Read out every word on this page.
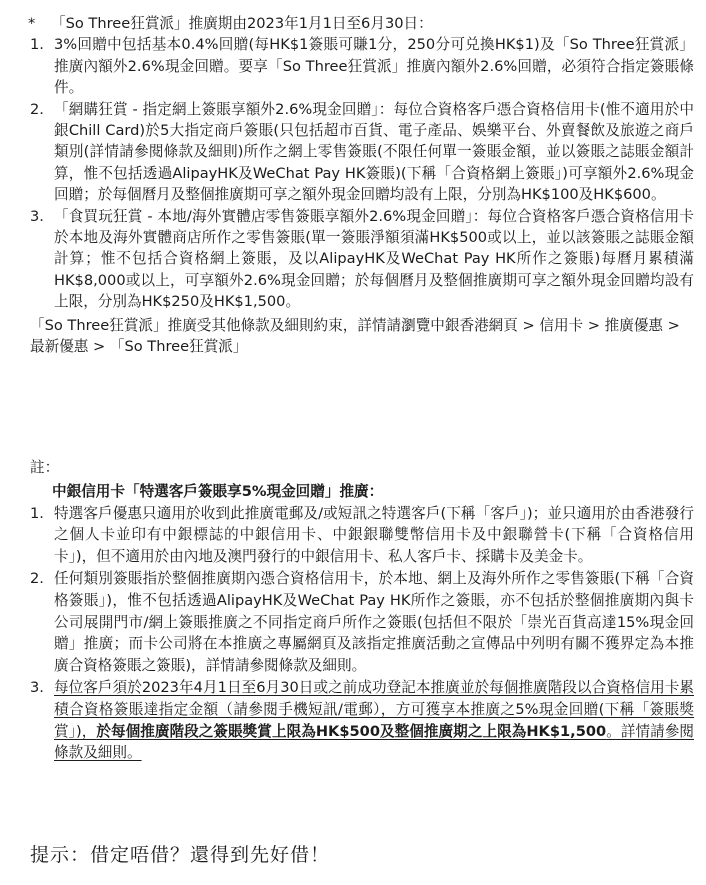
*	「So Three狂賞派」推廣期由2023年1月1日至6月30日：
1. 3%回贈中包括基本0.4%回贈(每HK$1簽賬可賺1分，250分可兑換HK$1)及「So Three狂賞派」推廣內額外2.6%現金回贈。要享「So Three狂賞派」推廣內額外2.6%回贈，必須符合指定簽賬條件。
2. 「網購狂賞 - 指定網上簽賬享額外2.6%現金回贈」：每位合資格客戶憑合資格信用卡(惟不適用於中銀Chill Card)於5大指定商戶簽賬(只包括超市百貨、電子產品、娛樂平台、外賣餐飲及旅遊之商戶類別(詳情請參閱條款及細則)所作之網上零售簽賬(不限任何單一簽賬金額，並以簽賬之誌賬金額計算，惟不包括透過AlipayHK及WeChat Pay HK簽賬)(下稱「合資格網上簽賬」)可享額外2.6%現金回贈；於每個曆月及整個推廣期可享之額外現金回贈均設有上限，分別為HK$100及HK$600。
3. 「食買玩狂賞 - 本地/海外實體店零售簽賬享額外2.6%現金回贈」：每位合資格客戶憑合資格信用卡於本地及海外實體商店所作之零售簽賬(單一簽賬淨額須滿HK$500或以上，並以該簽賬之誌賬金額計算；惟不包括合資格網上簽賬，及以AlipayHK及WeChat Pay HK所作之簽賬)每曆月累積滿HK$8,000或以上，可享額外2.6%現金回贈；於每個曆月及整個推廣期可享之額外現金回贈均設有上限，分別為HK$250及HK$1,500。
「So Three狂賞派」推廣受其他條款及細則約束，詳情請瀏覽中銀香港網頁 > 信用卡 > 推廣優惠 > 最新優惠 > 「So Three狂賞派」
註：
中銀信用卡「特選客戶簽賬享5%現金回贈」推廣：
1. 特選客戶優惠只適用於收到此推廣電郵及/或短訊之特選客戶(下稱「客戶」)；並只適用於由香港發行之個人卡並印有中銀標誌的中銀信用卡、中銀銀聯雙幣信用卡及中銀聯營卡(下稱「合資格信用卡」)，但不適用於由內地及澳門發行的中銀信用卡、私人客戶卡、採購卡及美金卡。
2. 任何類別簽賬指於整個推廣期內憑合資格信用卡，於本地、網上及海外所作之零售簽賬(下稱「合資格簽賬」)，惟不包括透過AlipayHK及WeChat Pay HK所作之簽賬，亦不包括於整個推廣期內與卡公司展開門市/網上簽賬推廣之不同指定商戶所作之簽賬(包括但不限於「崇光百貨高達15%現金回贈」推廣；而卡公司將在本推廣之專屬網頁及該指定推廣活動之宣傳品中列明有關不獲界定為本推廣合資格簽賬之簽賬)，詳情請參閱條款及細則。
3. 每位客戶須於2023年4月1日至6月30日或之前成功登記本推廣並於每個推廣階段以合資格信用卡累積合資格簽賬達指定金額（請參閱手機短訊/電郵），方可獲享本推廣之5%現金回贈(下稱「簽賬獎賞」)，於每個推廣階段之簽賬獎賞上限為HK$500及整個推廣期之上限為HK$1,500。詳情請參閱條款及細則。
提示：借定唔借？還得到先好借！
